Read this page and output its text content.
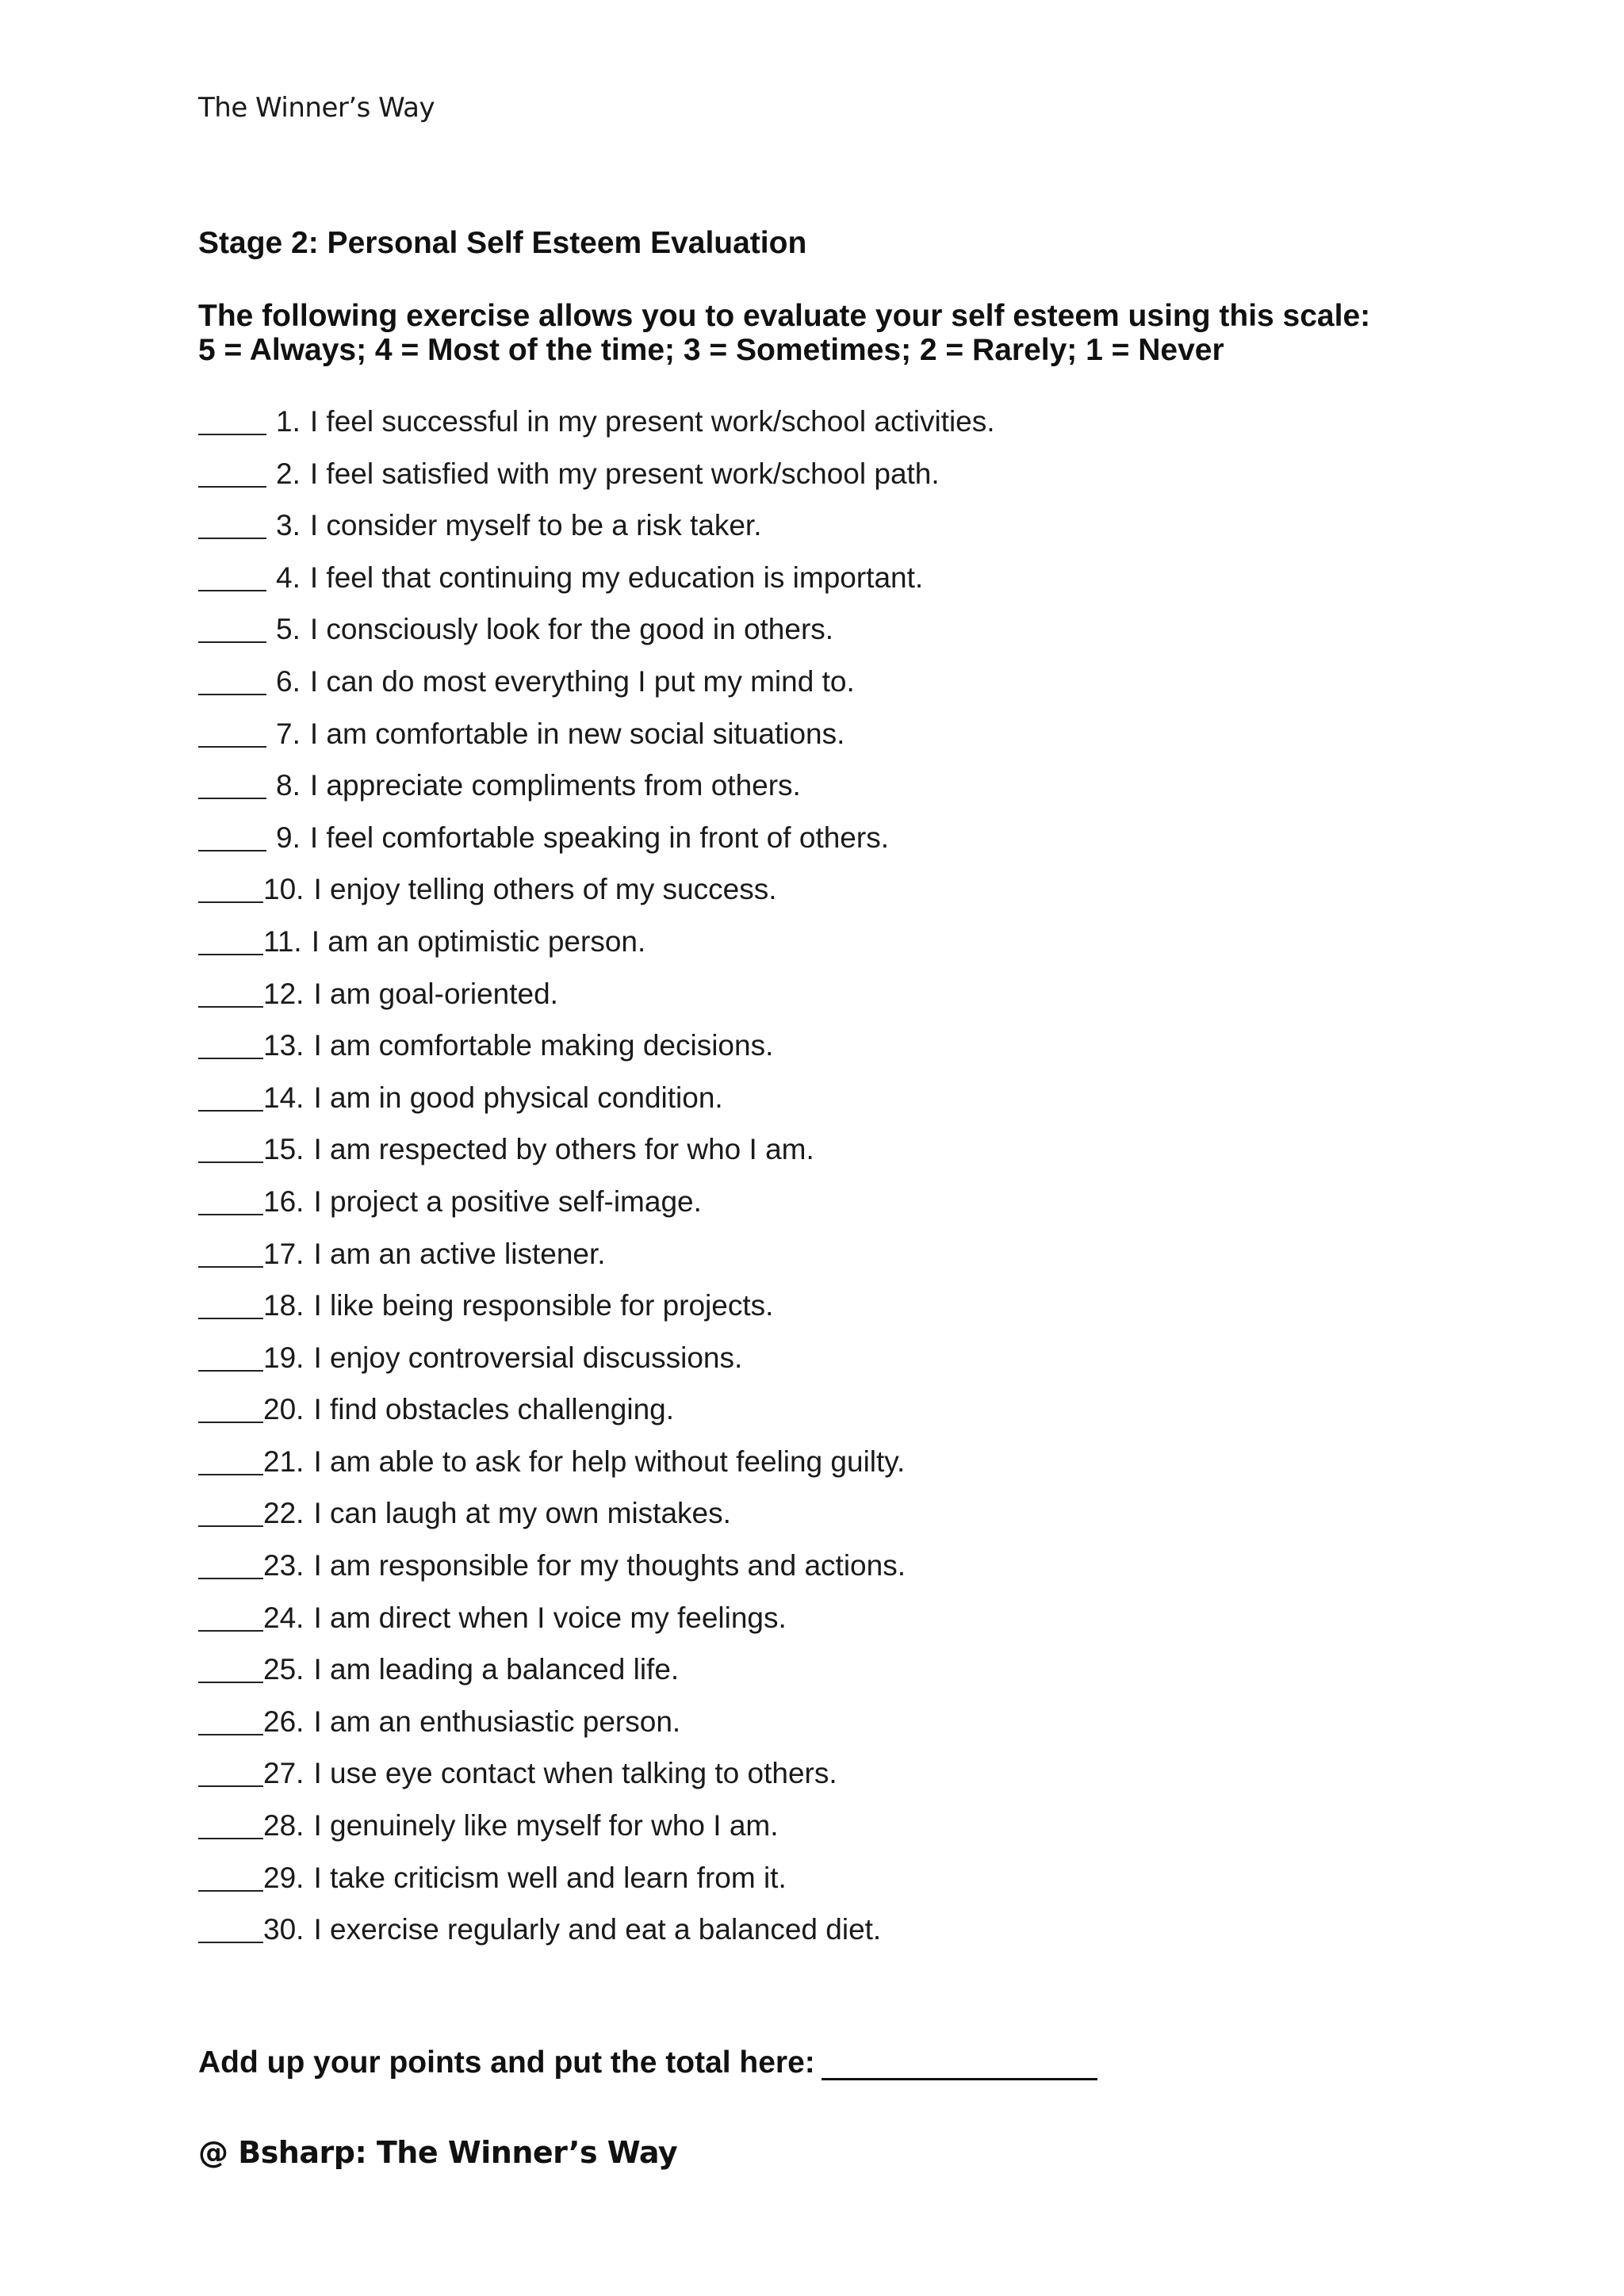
The Winner’s Way
Stage 2: Personal Self Esteem Evaluation
The following exercise allows you to evaluate your self esteem using this scale:
5 = Always; 4 = Most of the time; 3 = Sometimes; 2 = Rarely; 1 = Never
1. I feel successful in my present work/school activities.
2. I feel satisfied with my present work/school path.
3. I consider myself to be a risk taker.
4. I feel that continuing my education is important.
5. I consciously look for the good in others.
6. I can do most everything I put my mind to.
7. I am comfortable in new social situations.
8. I appreciate compliments from others.
9. I feel comfortable speaking in front of others.
10. I enjoy telling others of my success.
11. I am an optimistic person.
12. I am goal-oriented.
13. I am comfortable making decisions.
14. I am in good physical condition.
15. I am respected by others for who I am.
16. I project a positive self-image.
17. I am an active listener.
18. I like being responsible for projects.
19. I enjoy controversial discussions.
20. I find obstacles challenging.
21. I am able to ask for help without feeling guilty.
22. I can laugh at my own mistakes.
23. I am responsible for my thoughts and actions.
24. I am direct when I voice my feelings.
25. I am leading a balanced life.
26. I am an enthusiastic person.
27. I use eye contact when talking to others.
28. I genuinely like myself for who I am.
29. I take criticism well and learn from it.
30. I exercise regularly and eat a balanced diet.
Add up your points and put the total here:
@ Bsharp: The Winner’s Way
